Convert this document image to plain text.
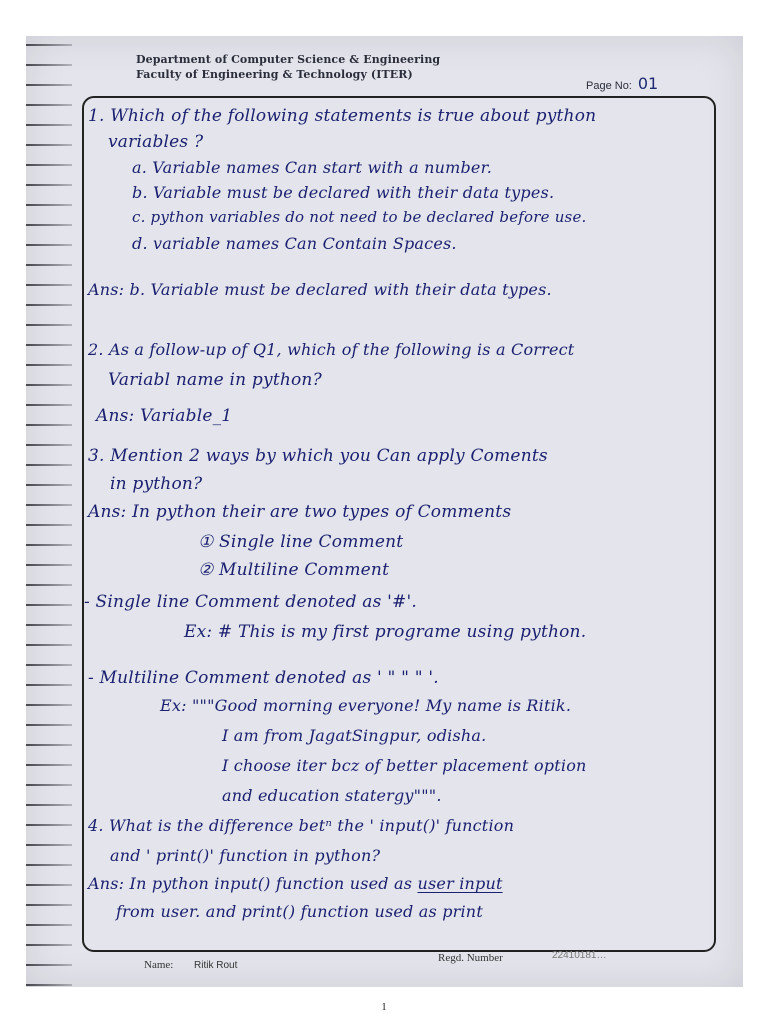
Department of Computer Science & Engineering
Faculty of Engineering & Technology (ITER)
Page No: 01
1. Which of the following statements is true about python
variables ?
a. Variable names Can start with a number.
b. Variable must be declared with their data types.
c. python variables do not need to be declared before use.
d. variable names Can Contain Spaces.
Ans: b. Variable must be declared with their data types.
2. As a follow-up of Q1, which of the following is a Correct
Variabl name in python?
Ans: Variable_1
3. Mention 2 ways by which you Can apply Coments
in python?
Ans: In python their are two types of Comments
① Single line Comment
② Multiline Comment
- Single line Comment denoted as '#'.
Ex: # This is my first programe using python.
- Multiline Comment denoted as ' " " " '.
Ex: """Good morning everyone! My name is Ritik.
I am from JagatSingpur, odisha.
I choose iter bcz of better placement option
and education statergy""".
4. What is the difference betⁿ the ' input()' function
and ' print()' function in python?
Ans: In python input() function used as user input
from user. and print() function used as print
Name: Ritik Rout
Regd. Number	22410181…
1
